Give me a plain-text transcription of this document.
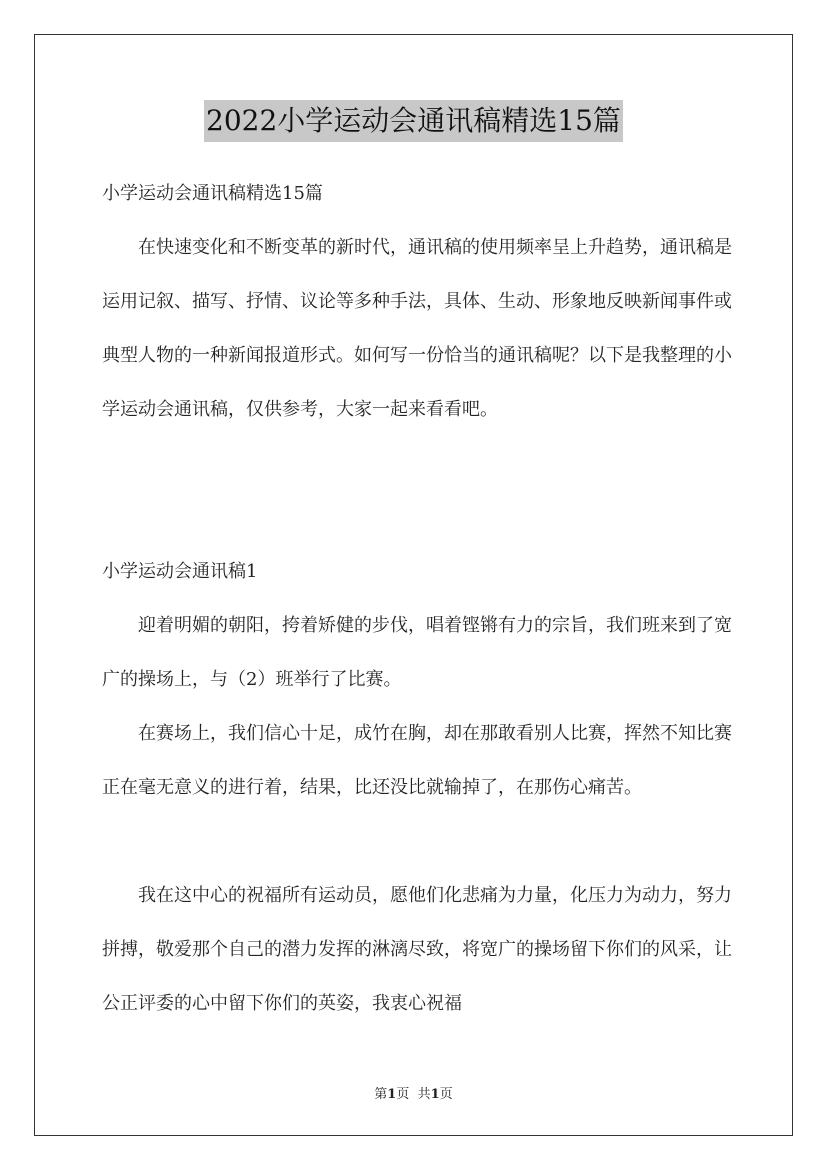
2022小学运动会通讯稿精选15篇

小学运动会通讯稿精选15篇

在快速变化和不断变革的新时代，通讯稿的使用频率呈上升趋势，通讯稿是运用记叙、描写、抒情、议论等多种手法，具体、生动、形象地反映新闻事件或典型人物的一种新闻报道形式。如何写一份恰当的通讯稿呢？以下是我整理的小学运动会通讯稿，仅供参考，大家一起来看看吧。

小学运动会通讯稿1

迎着明媚的朝阳，挎着矫健的步伐，唱着铿锵有力的宗旨，我们班来到了宽广的操场上，与（2）班举行了比赛。

在赛场上，我们信心十足，成竹在胸，却在那敢看别人比赛，挥然不知比赛正在毫无意义的进行着，结果，比还没比就输掉了，在那伤心痛苦。

我在这中心的祝福所有运动员，愿他们化悲痛为力量，化压力为动力，努力拼搏，敬爱那个自己的潜力发挥的淋漓尽致，将宽广的操场留下你们的风采，让公正评委的心中留下你们的英姿，我衷心祝福

第1页 共1页
